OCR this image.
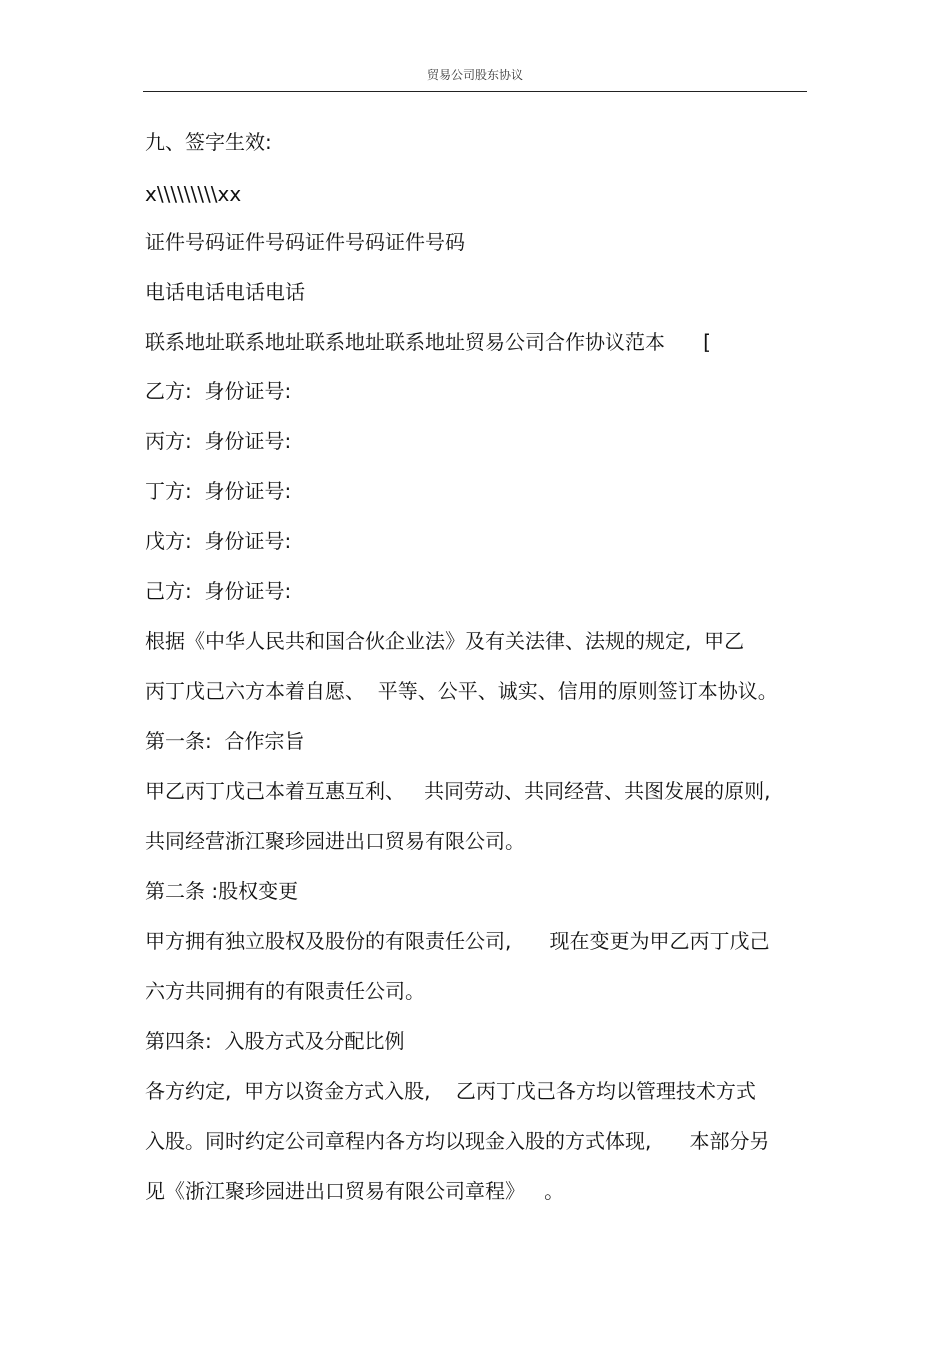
贸易公司股东协议
九、签字生效:
x\\\\\\\\\xx
证件号码证件号码证件号码证件号码
电话电话电话电话
联系地址联系地址联系地址联系地址贸易公司合作协议范本      [
乙方:  身份证号:
丙方:  身份证号:
丁方:  身份证号:
戊方:  身份证号:
己方:  身份证号:
根据《中华人民共和国合伙企业法》及有关法律、法规的规定,  甲乙
丙丁戊己六方本着自愿、  平等、公平、诚实、信用的原则签订本协议。
第一条:  合作宗旨
甲乙丙丁戊己本着互惠互利、   共同劳动、共同经营、共图发展的原则,
共同经营浙江聚珍园进出口贸易有限公司。
第二条 :股权变更
甲方拥有独立股权及股份的有限责任公司,      现在变更为甲乙丙丁戊己
六方共同拥有的有限责任公司。
第四条:  入股方式及分配比例
各方约定,  甲方以资金方式入股,    乙丙丁戊己各方均以管理技术方式
入股。同时约定公司章程内各方均以现金入股的方式体现,      本部分另
见《浙江聚珍园进出口贸易有限公司章程》   。
